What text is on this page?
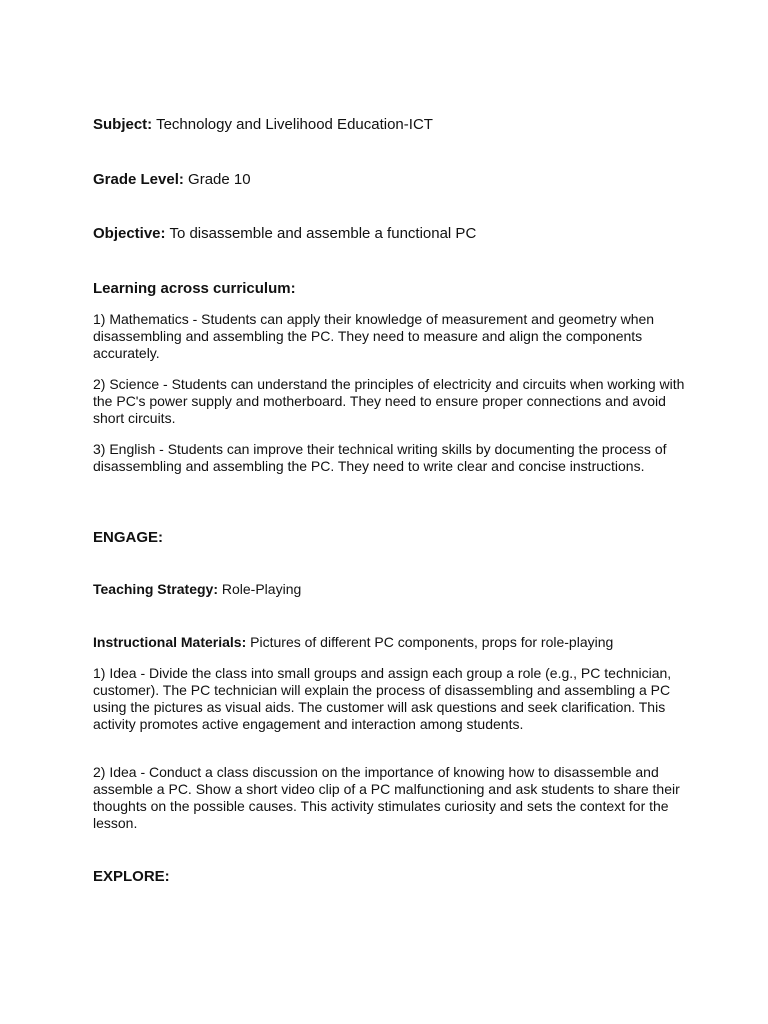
Subject: Technology and Livelihood Education-ICT
Grade Level: Grade 10
Objective: To disassemble and assemble a functional PC
Learning across curriculum:
1) Mathematics - Students can apply their knowledge of measurement and geometry when disassembling and assembling the PC. They need to measure and align the components accurately.
2) Science - Students can understand the principles of electricity and circuits when working with the PC's power supply and motherboard. They need to ensure proper connections and avoid short circuits.
3) English - Students can improve their technical writing skills by documenting the process of disassembling and assembling the PC. They need to write clear and concise instructions.
ENGAGE:
Teaching Strategy: Role-Playing
Instructional Materials: Pictures of different PC components, props for role-playing
1) Idea - Divide the class into small groups and assign each group a role (e.g., PC technician, customer). The PC technician will explain the process of disassembling and assembling a PC using the pictures as visual aids. The customer will ask questions and seek clarification. This activity promotes active engagement and interaction among students.
2) Idea - Conduct a class discussion on the importance of knowing how to disassemble and assemble a PC. Show a short video clip of a PC malfunctioning and ask students to share their thoughts on the possible causes. This activity stimulates curiosity and sets the context for the lesson.
EXPLORE:
